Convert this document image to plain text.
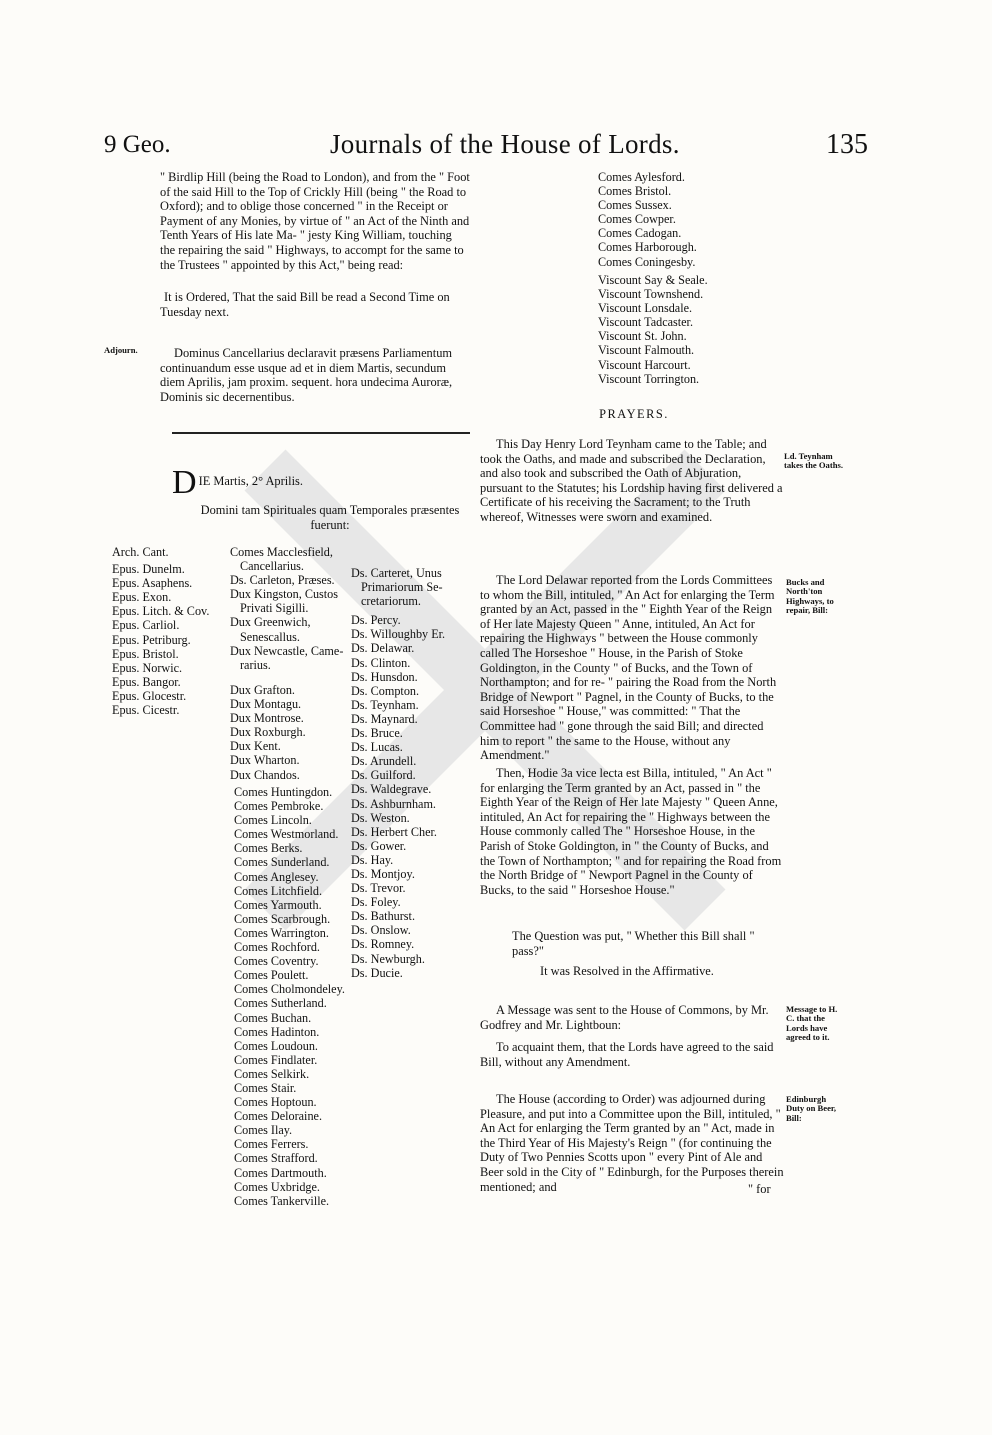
9 Geo.	Journals of the House of Lords.	135
" Birdlip Hill (being the Road to London), and from the " Foot of the said Hill to the Top of Crickly Hill (being " the Road to Oxford); and to oblige those concerned " in the Receipt or Payment of any Monies, by virtue of " an Act of the Ninth and Tenth Years of His late Ma- " jesty King William, touching the repairing the said " Highways, to accompt for the same to the Trustees " appointed by this Act," being read:
It is Ordered, That the said Bill be read a Second Time on Tuesday next.
Adjourn.	Dominus Cancellarius declaravit præsens Parliamentum continuandum esse usque ad et in diem Martis, secundum diem Aprilis, jam proxim. sequent. hora undecima Auroræ, Dominis sic decernentibus.
D IE Martis, 2° Aprilis.
Domini tam Spirituales quam Temporales præsentes fuerunt:
Arch. Cant.
Epus. Dunelm.
Epus. Asaphens.
Epus. Exon.
Epus. Litch. & Cov.
Epus. Carliol.
Epus. Petriburg.
Epus. Bristol.
Epus. Norwic.
Epus. Bangor.
Epus. Glocestr.
Epus. Cicestr.
Comes Macclesfield,
Cancellarius.
Ds. Carleton, Præses.
Dux Kingston, Custos
Privati Sigilli.
Dux Greenwich,
Senescallus.
Dux Newcastle, Came-
rarius.
Dux Grafton.
Dux Montagu.
Dux Montrose.
Dux Roxburgh.
Dux Kent.
Dux Wharton.
Dux Chandos.
Comes Huntingdon.
Comes Pembroke.
Comes Lincoln.
Comes Westmorland.
Comes Berks.
Comes Sunderland.
Comes Anglesey.
Comes Litchfield.
Comes Yarmouth.
Comes Scarbrough.
Comes Warrington.
Comes Rochford.
Comes Coventry.
Comes Poulett.
Comes Cholmondeley.
Comes Sutherland.
Comes Buchan.
Comes Hadinton.
Comes Loudoun.
Comes Findlater.
Comes Selkirk.
Comes Stair.
Comes Hoptoun.
Comes Deloraine.
Comes Ilay.
Comes Ferrers.
Comes Strafford.
Comes Dartmouth.
Comes Uxbridge.
Comes Tankerville.
Ds. Carteret, Unus
Primariorum Se-
cretariorum.
Ds. Percy.
Ds. Willoughby Er.
Ds. Delawar.
Ds. Clinton.
Ds. Hunsdon.
Ds. Compton.
Ds. Teynham.
Ds. Maynard.
Ds. Bruce.
Ds. Lucas.
Ds. Arundell.
Ds. Guilford.
Ds. Waldegrave.
Ds. Ashburnham.
Ds. Weston.
Ds. Herbert Cher.
Ds. Gower.
Ds. Hay.
Ds. Montjoy.
Ds. Trevor.
Ds. Foley.
Ds. Bathurst.
Ds. Onslow.
Ds. Romney.
Ds. Newburgh.
Ds. Ducie.
Comes Aylesford.
Comes Bristol.
Comes Sussex.
Comes Cowper.
Comes Cadogan.
Comes Harborough.
Comes Coningesby.
Viscount Say & Seale.
Viscount Townshend.
Viscount Lonsdale.
Viscount Tadcaster.
Viscount St. John.
Viscount Falmouth.
Viscount Harcourt.
Viscount Torrington.
PRAYERS.
This Day Henry Lord Teynham came to the Table; and took the Oaths, and made and subscribed the Declaration, and also took and subscribed the Oath of Abjuration, pursuant to the Statutes; his Lordship having first delivered a Certificate of his receiving the Sacrament; to the Truth whereof, Witnesses were sworn and examined.
Ld. Teynham takes the Oaths.
The Lord Delawar reported from the Lords Committees to whom the Bill, intituled, " An Act for enlarging the Term granted by an Act, passed in the " Eighth Year of the Reign of Her late Majesty Queen " Anne, intituled, An Act for repairing the Highways " between the House commonly called The Horseshoe " House, in the Parish of Stoke Goldington, in the County " of Bucks, and the Town of Northampton; and for re- " pairing the Road from the North Bridge of Newport " Pagnel, in the County of Bucks, to the said Horseshoe " House," was committed: " That the Committee had " gone through the said Bill; and directed him to report " the same to the House, without any Amendment."
Bucks and North'ton Highways, to repair, Bill:
Then, Hodie 3a vice lecta est Billa, intituled, " An Act " for enlarging the Term granted by an Act, passed in " the Eighth Year of the Reign of Her late Majesty " Queen Anne, intituled, An Act for repairing the " Highways between the House commonly called The " Horseshoe House, in the Parish of Stoke Goldington, in " the County of Bucks, and the Town of Northampton; " and for repairing the Road from the North Bridge of " Newport Pagnel in the County of Bucks, to the said " Horseshoe House."
The Question was put, " Whether this Bill shall " pass?"
It was Resolved in the Affirmative.
A Message was sent to the House of Commons, by Mr. Godfrey and Mr. Lightboun:
Message to H. C. that the Lords have agreed to it.
To acquaint them, that the Lords have agreed to the said Bill, without any Amendment.
The House (according to Order) was adjourned during Pleasure, and put into a Committee upon the Bill, intituled, " An Act for enlarging the Term granted by an " Act, made in the Third Year of His Majesty's Reign " (for continuing the Duty of Two Pennies Scotts upon " every Pint of Ale and Beer sold in the City of " Edinburgh, for the Purposes therein mentioned; and
Edinburgh Duty on Beer, Bill:
" for
